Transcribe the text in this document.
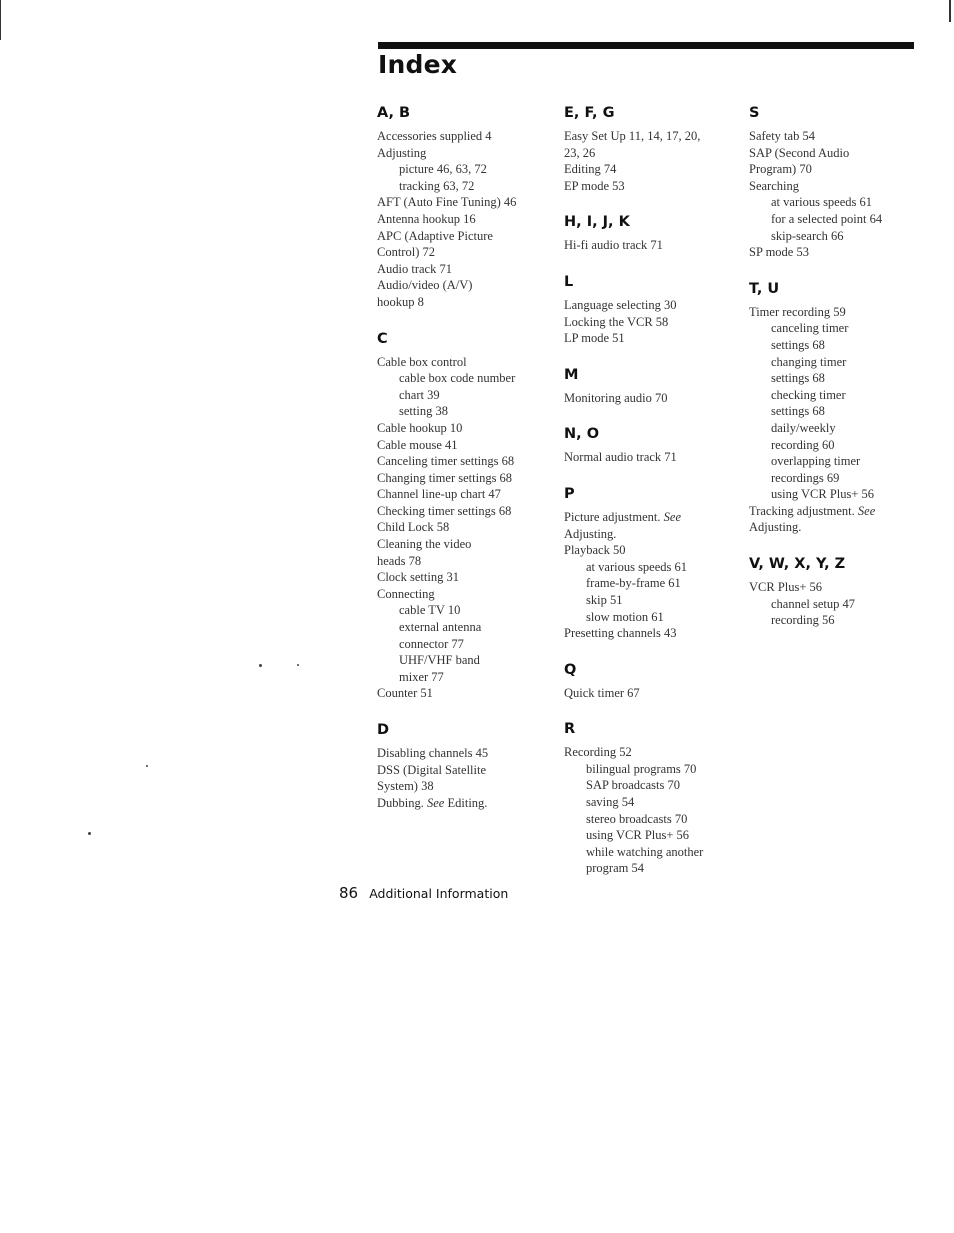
Index
A, B
Accessories supplied 4
Adjusting
picture 46, 63, 72
tracking 63, 72
AFT (Auto Fine Tuning) 46
Antenna hookup 16
APC (Adaptive Picture
Control) 72
Audio track 71
Audio/video (A/V)
hookup 8
C
Cable box control
cable box code number
chart 39
setting 38
Cable hookup 10
Cable mouse 41
Canceling timer settings 68
Changing timer settings 68
Channel line-up chart 47
Checking timer settings 68
Child Lock 58
Cleaning the video
heads 78
Clock setting 31
Connecting
cable TV 10
external antenna
connector 77
UHF/VHF band
mixer 77
Counter 51
D
Disabling channels 45
DSS (Digital Satellite
System) 38
Dubbing. See Editing.
E, F, G
Easy Set Up 11, 14, 17, 20,
23, 26
Editing 74
EP mode 53
H, I, J, K
Hi-fi audio track 71
L
Language selecting 30
Locking the VCR 58
LP mode 51
M
Monitoring audio 70
N, O
Normal audio track 71
P
Picture adjustment. See
Adjusting.
Playback 50
at various speeds 61
frame-by-frame 61
skip 51
slow motion 61
Presetting channels 43
Q
Quick timer 67
R
Recording 52
bilingual programs 70
SAP broadcasts 70
saving 54
stereo broadcasts 70
using VCR Plus+ 56
while watching another
program 54
S
Safety tab 54
SAP (Second Audio
Program) 70
Searching
at various speeds 61
for a selected point 64
skip-search 66
SP mode 53
T, U
Timer recording 59
canceling timer
settings 68
changing timer
settings 68
checking timer
settings 68
daily/weekly
recording 60
overlapping timer
recordings 69
using VCR Plus+ 56
Tracking adjustment. See
Adjusting.
V, W, X, Y, Z
VCR Plus+ 56
channel setup 47
recording 56
86 Additional Information
